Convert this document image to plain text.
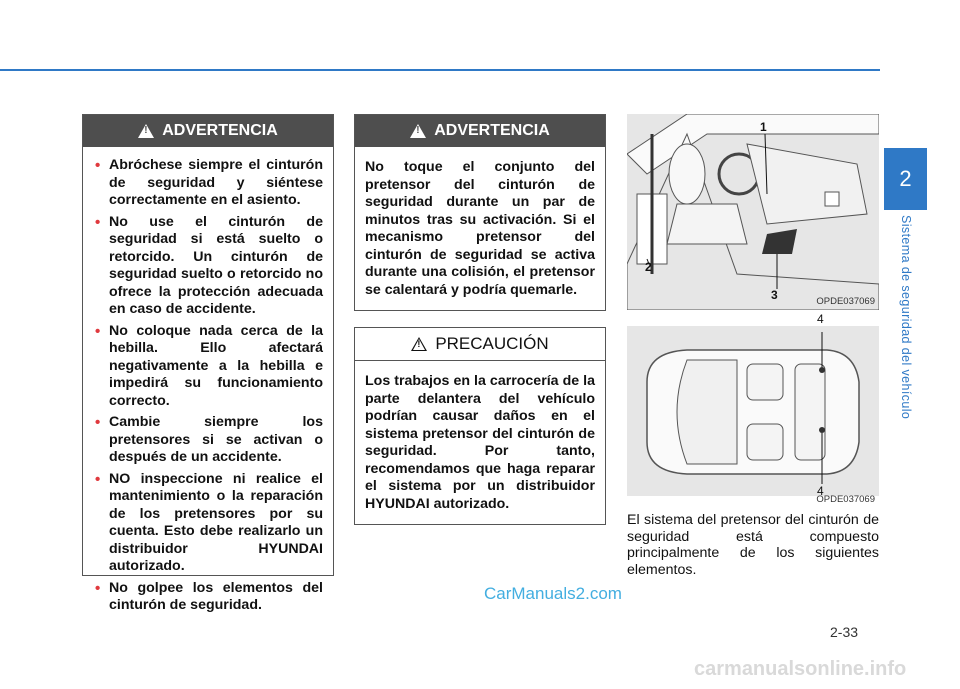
2
Sistema de seguridad del vehículo
!
ADVERTENCIA
• Abróchese siempre el cinturón de seguridad y siéntese correctamente en el asiento.
• No use el cinturón de seguridad si está suelto o retorcido. Un cinturón de seguridad suelto o retorcido no ofrece la protección adecuada en caso de accidente.
• No coloque nada cerca de la hebilla. Ello afectará negativamente a la hebilla e impedirá su funcionamiento correcto.
• Cambie siempre los pretensores si se activan o después de un accidente.
• NO inspeccione ni realice el mantenimiento o la reparación de los pretensores por su cuenta. Esto debe realizarlo un distribuidor HYUNDAI autorizado.
• No golpee los elementos del cinturón de seguridad.
!
ADVERTENCIA
No toque el conjunto del pretensor del cinturón de seguridad durante un par de minutos tras su activación. Si el mecanismo pretensor del cinturón de seguridad se activa durante una colisión, el pretensor se calentará y podría quemarle.
!
PRECAUCIÓN
Los trabajos en la carrocería de la parte delantera del vehículo podrían causar daños en el sistema pretensor del cinturón de seguridad. Por tanto, recomendamos que haga reparar el sistema por un distribuidor HYUNDAI autorizado.
1
2
3	OPDE037069
4
4
OPDE037069
El sistema del pretensor del cinturón de seguridad está compuesto principalmente de los siguientes elementos.
CarManuals2.com
2-33
carmanualsonline.info
